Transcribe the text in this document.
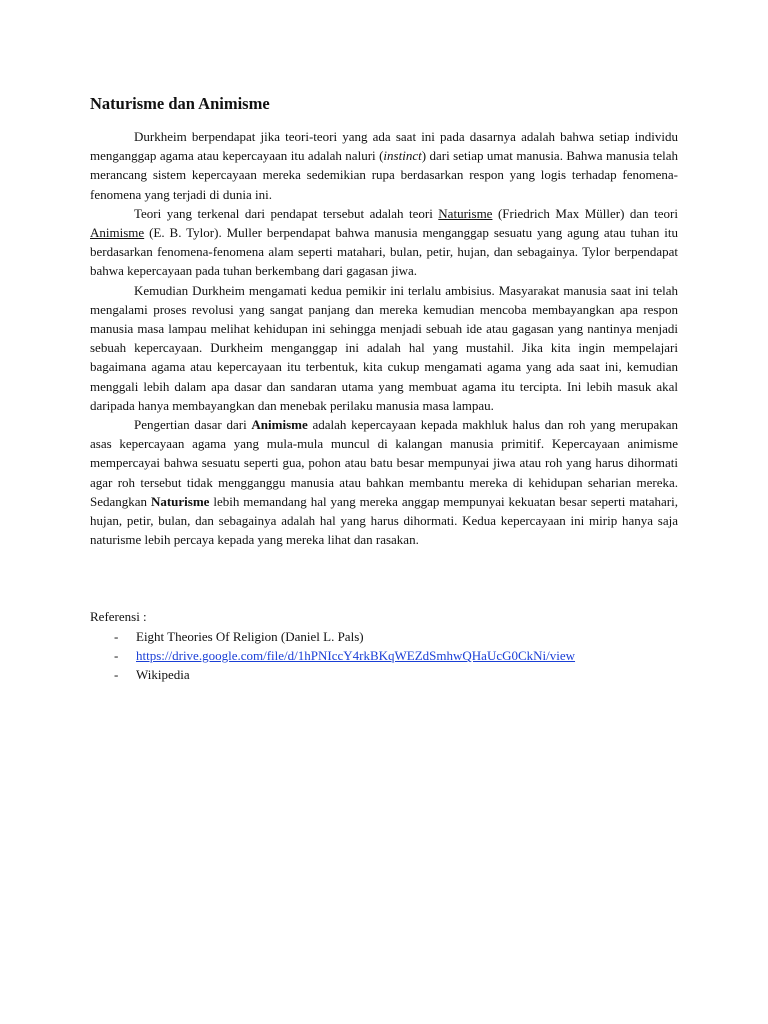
Naturisme dan Animisme

Durkheim berpendapat jika teori-teori yang ada saat ini pada dasarnya adalah bahwa setiap individu menganggap agama atau kepercayaan itu adalah naluri (instinct) dari setiap umat manusia. Bahwa manusia telah merancang sistem kepercayaan mereka sedemikian rupa berdasarkan respon yang logis terhadap fenomena-fenomena yang terjadi di dunia ini.

Teori yang terkenal dari pendapat tersebut adalah teori Naturisme (Friedrich Max Müller) dan teori Animisme (E. B. Tylor). Muller berpendapat bahwa manusia menganggap sesuatu yang agung atau tuhan itu berdasarkan fenomena-fenomena alam seperti matahari, bulan, petir, hujan, dan sebagainya. Tylor berpendapat bahwa kepercayaan pada tuhan berkembang dari gagasan jiwa.

Kemudian Durkheim mengamati kedua pemikir ini terlalu ambisius. Masyarakat manusia saat ini telah mengalami proses revolusi yang sangat panjang dan mereka kemudian mencoba membayangkan apa respon manusia masa lampau melihat kehidupan ini sehingga menjadi sebuah ide atau gagasan yang nantinya menjadi sebuah kepercayaan. Durkheim menganggap ini adalah hal yang mustahil. Jika kita ingin mempelajari bagaimana agama atau kepercayaan itu terbentuk, kita cukup mengamati agama yang ada saat ini, kemudian menggali lebih dalam apa dasar dan sandaran utama yang membuat agama itu tercipta. Ini lebih masuk akal daripada hanya membayangkan dan menebak perilaku manusia masa lampau.

Pengertian dasar dari Animisme adalah kepercayaan kepada makhluk halus dan roh yang merupakan asas kepercayaan agama yang mula-mula muncul di kalangan manusia primitif. Kepercayaan animisme mempercayai bahwa sesuatu seperti gua, pohon atau batu besar mempunyai jiwa atau roh yang harus dihormati agar roh tersebut tidak mengganggu manusia atau bahkan membantu mereka di kehidupan seharian mereka. Sedangkan Naturisme lebih memandang hal yang mereka anggap mempunyai kekuatan besar seperti matahari, hujan, petir, bulan, dan sebagainya adalah hal yang harus dihormati. Kedua kepercayaan ini mirip hanya saja naturisme lebih percaya kepada yang mereka lihat dan rasakan.

Referensi :
- Eight Theories Of Religion (Daniel L. Pals)
- https://drive.google.com/file/d/1hPNIccY4rkBKqWEZdSmhwQHaUcG0CkNi/view
- Wikipedia
